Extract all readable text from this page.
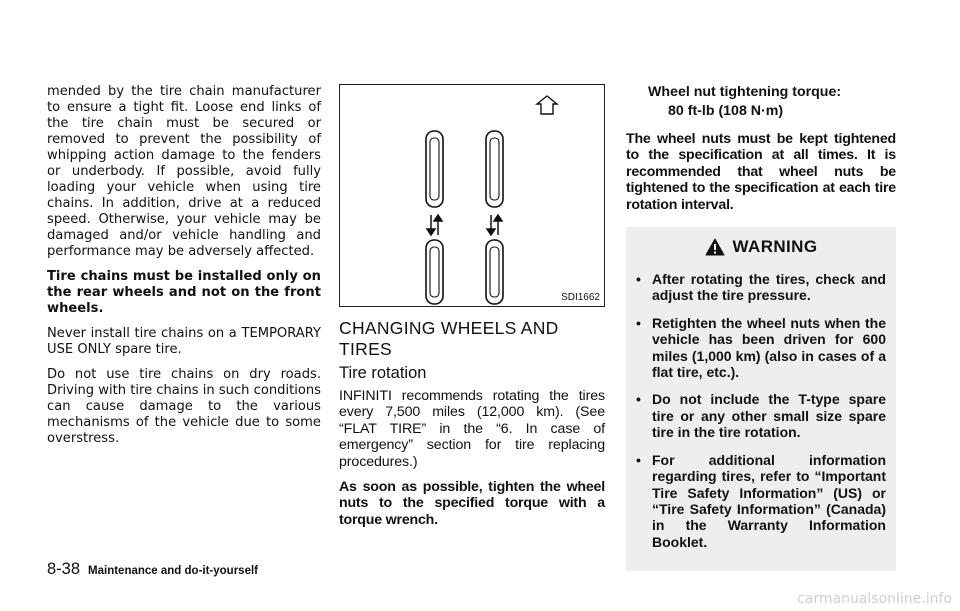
mended by the tire chain manufacturer to ensure a tight fit. Loose end links of the tire chain must be secured or removed to prevent the possibility of whipping action damage to the fenders or underbody. If possible, avoid fully loading your vehicle when using tire chains. In addition, drive at a reduced speed. Otherwise, your vehicle may be damaged and/or vehicle handling and performance may be adversely affected.

Tire chains must be installed only on the rear wheels and not on the front wheels.

Never install tire chains on a TEMPORARY USE ONLY spare tire.

Do not use tire chains on dry roads. Driving with tire chains in such conditions can cause damage to the various mechanisms of the vehicle due to some overstress.

SDI1662
CHANGING WHEELS AND TIRES
Tire rotation

INFINITI recommends rotating the tires every 7,500 miles (12,000 km). (See “FLAT TIRE” in the “6. In case of emergency” section for tire replacing procedures.)

As soon as possible, tighten the wheel nuts to the specified torque with a torque wrench.

Wheel nut tightening torque:
80 ft-lb (108 N·m)

The wheel nuts must be kept tightened to the specification at all times. It is recommended that wheel nuts be tightened to the specification at each tire rotation interval.

WARNING
• After rotating the tires, check and adjust the tire pressure.
• Retighten the wheel nuts when the vehicle has been driven for 600 miles (1,000 km) (also in cases of a flat tire, etc.).
• Do not include the T-type spare tire or any other small size spare tire in the tire rotation.
• For additional information regarding tires, refer to “Important Tire Safety Information” (US) or “Tire Safety Information” (Canada) in the Warranty Information Booklet.
8-38 Maintenance and do-it-yourself
carmanualsonline.info
